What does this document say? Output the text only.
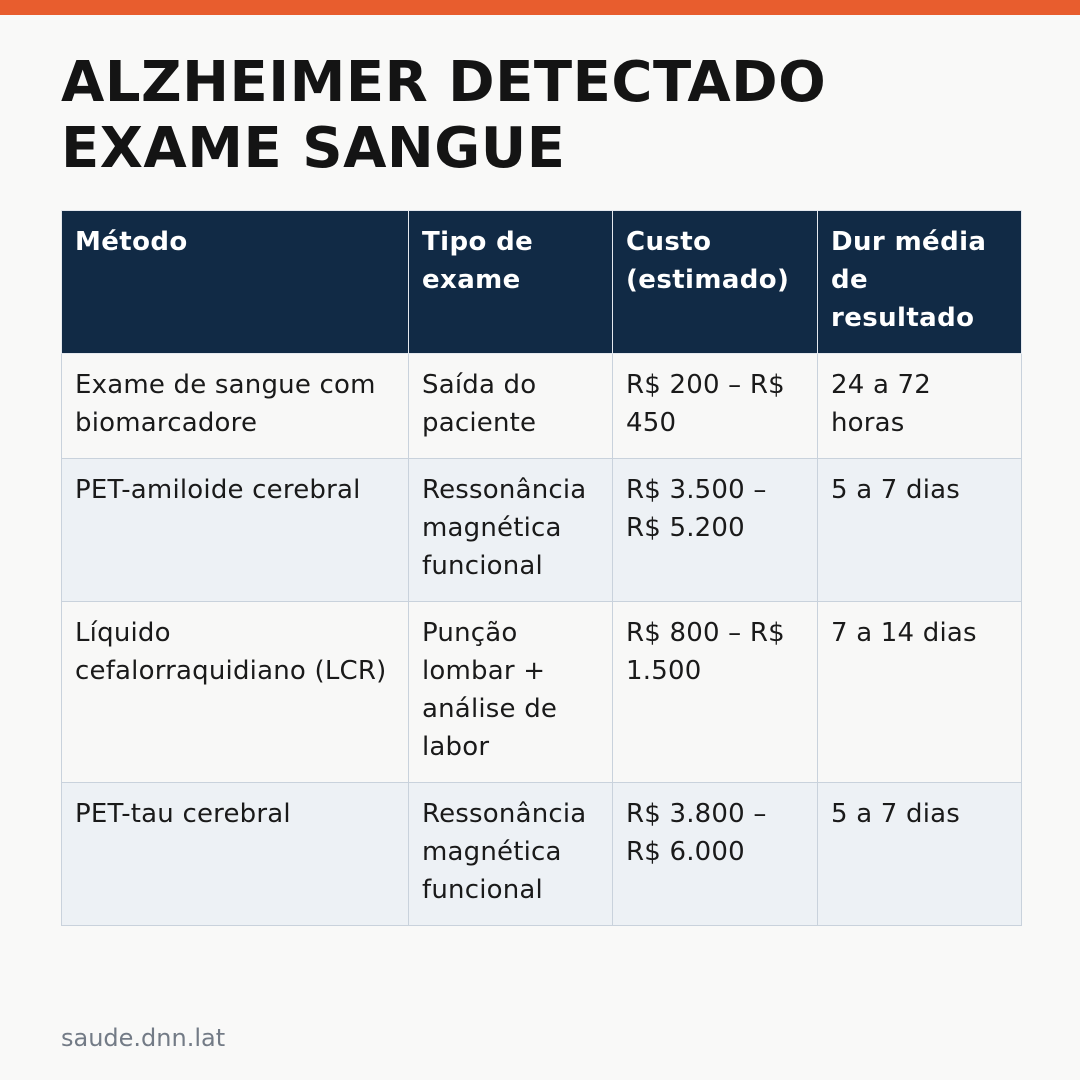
ALZHEIMER DETECTADO
EXAME SANGUE
Método	Tipo de exame	Custo (estimado)	Dur média de resultado
Exame de sangue com biomarcadore	Saída do paciente	R$ 200 – R$ 450	24 a 72 horas
PET-amiloide cerebral	Ressonância magnética funcional	R$ 3.500 – R$ 5.200	5 a 7 dias
Líquido cefalorraquidiano (LCR)	Punção lombar + análise de labor	R$ 800 – R$ 1.500	7 a 14 dias
PET-tau cerebral	Ressonância magnética funcional	R$ 3.800 – R$ 6.000	5 a 7 dias
saude.dnn.lat
